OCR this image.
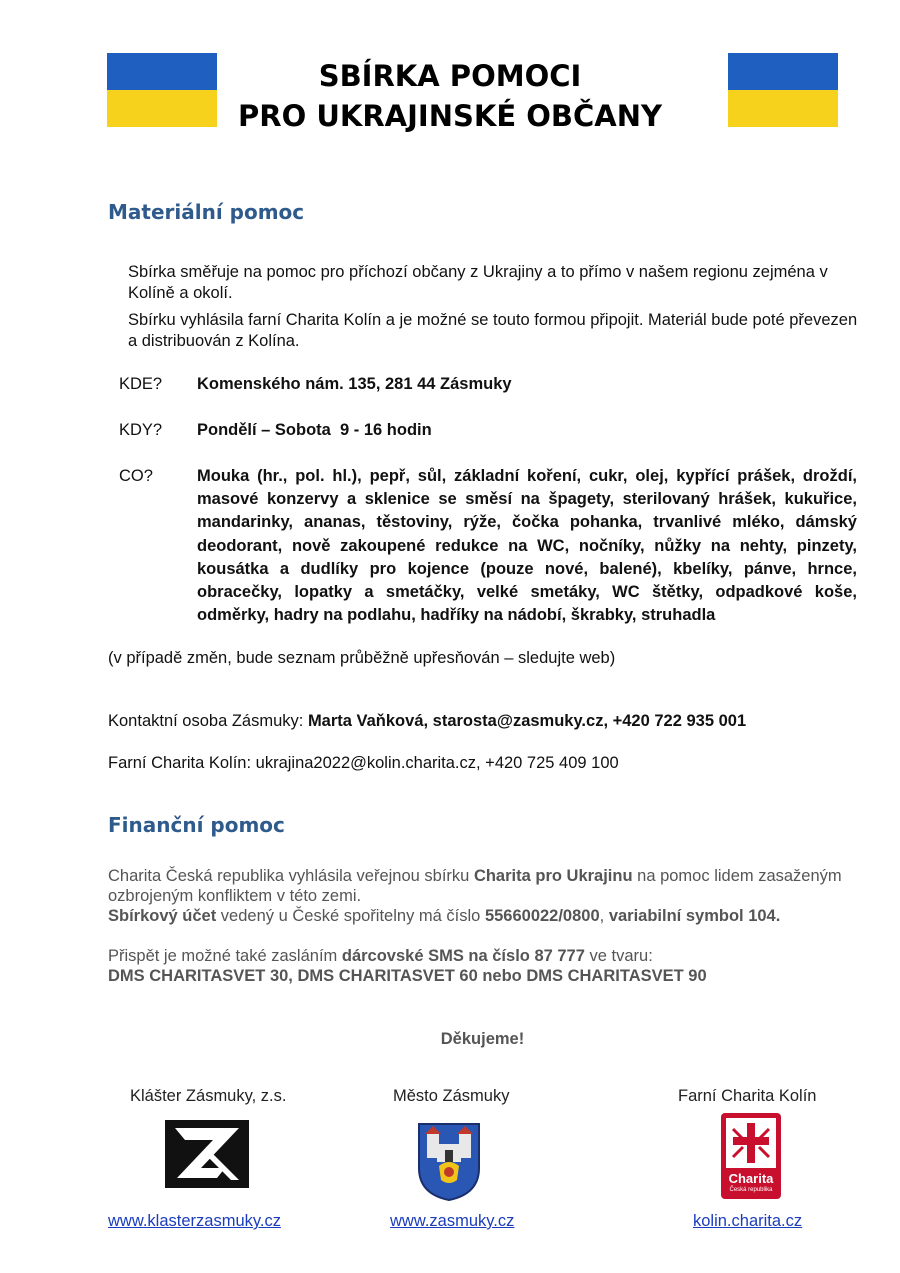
SBÍRKA POMOCI
PRO UKRAJINSKÉ OBČANY
Materiální pomoc
Sbírka směřuje na pomoc pro příchozí občany z Ukrajiny a to přímo v našem regionu zejména v Kolíně a okolí.
Sbírku vyhlásila farní Charita Kolín a je možné se touto formou připojit. Materiál bude poté převezen a distribuován z Kolína.
KDE? Komenského nám. 135, 281 44 Zásmuky
KDY? Pondělí – Sobota  9 - 16 hodin
CO?	Mouka (hr., pol. hl.), pepř, sůl, základní koření, cukr, olej, kypřící prášek, droždí, masové konzervy a sklenice se směsí na špagety, sterilovaný hrášek, kukuřice, mandarinky, ananas, těstoviny, rýže, čočka pohanka, trvanlivé mléko, dámský deodorant, nově zakoupené redukce na WC, nočníky, nůžky na nehty, pinzety, kousátka a dudlíky pro kojence (pouze nové, balené), kbelíky, pánve, hrnce, obracečky, lopatky a smetáčky, velké smetáky, WC štětky, odpadkové koše, odměrky, hadry na podlahu, hadříky na nádobí, škrabky, struhadla
(v případě změn, bude seznam průběžně upřesňován – sledujte web)
Kontaktní osoba Zásmuky: Marta Vaňková, starosta@zasmuky.cz, +420 722 935 001
Farní Charita Kolín: ukrajina2022@kolin.charita.cz, +420 725 409 100
Finanční pomoc
Charita Česká republika vyhlásila veřejnou sbírku Charita pro Ukrajinu na pomoc lidem zasaženým ozbrojeným konfliktem v této zemi.
Sbírkový účet vedený u České spořitelny má číslo 55660022/0800, variabilní symbol 104.
Přispět je možné také zasláním dárcovské SMS na číslo 87 777 ve tvaru:
DMS CHARITASVET 30, DMS CHARITASVET 60 nebo DMS CHARITASVET 90
Děkujeme!
Klášter Zásmuky, z.s.	Město Zásmuky	Farní Charita Kolín
Charita
Česká republika
www.klasterzasmuky.cz	www.zasmuky.cz	kolin.charita.cz
